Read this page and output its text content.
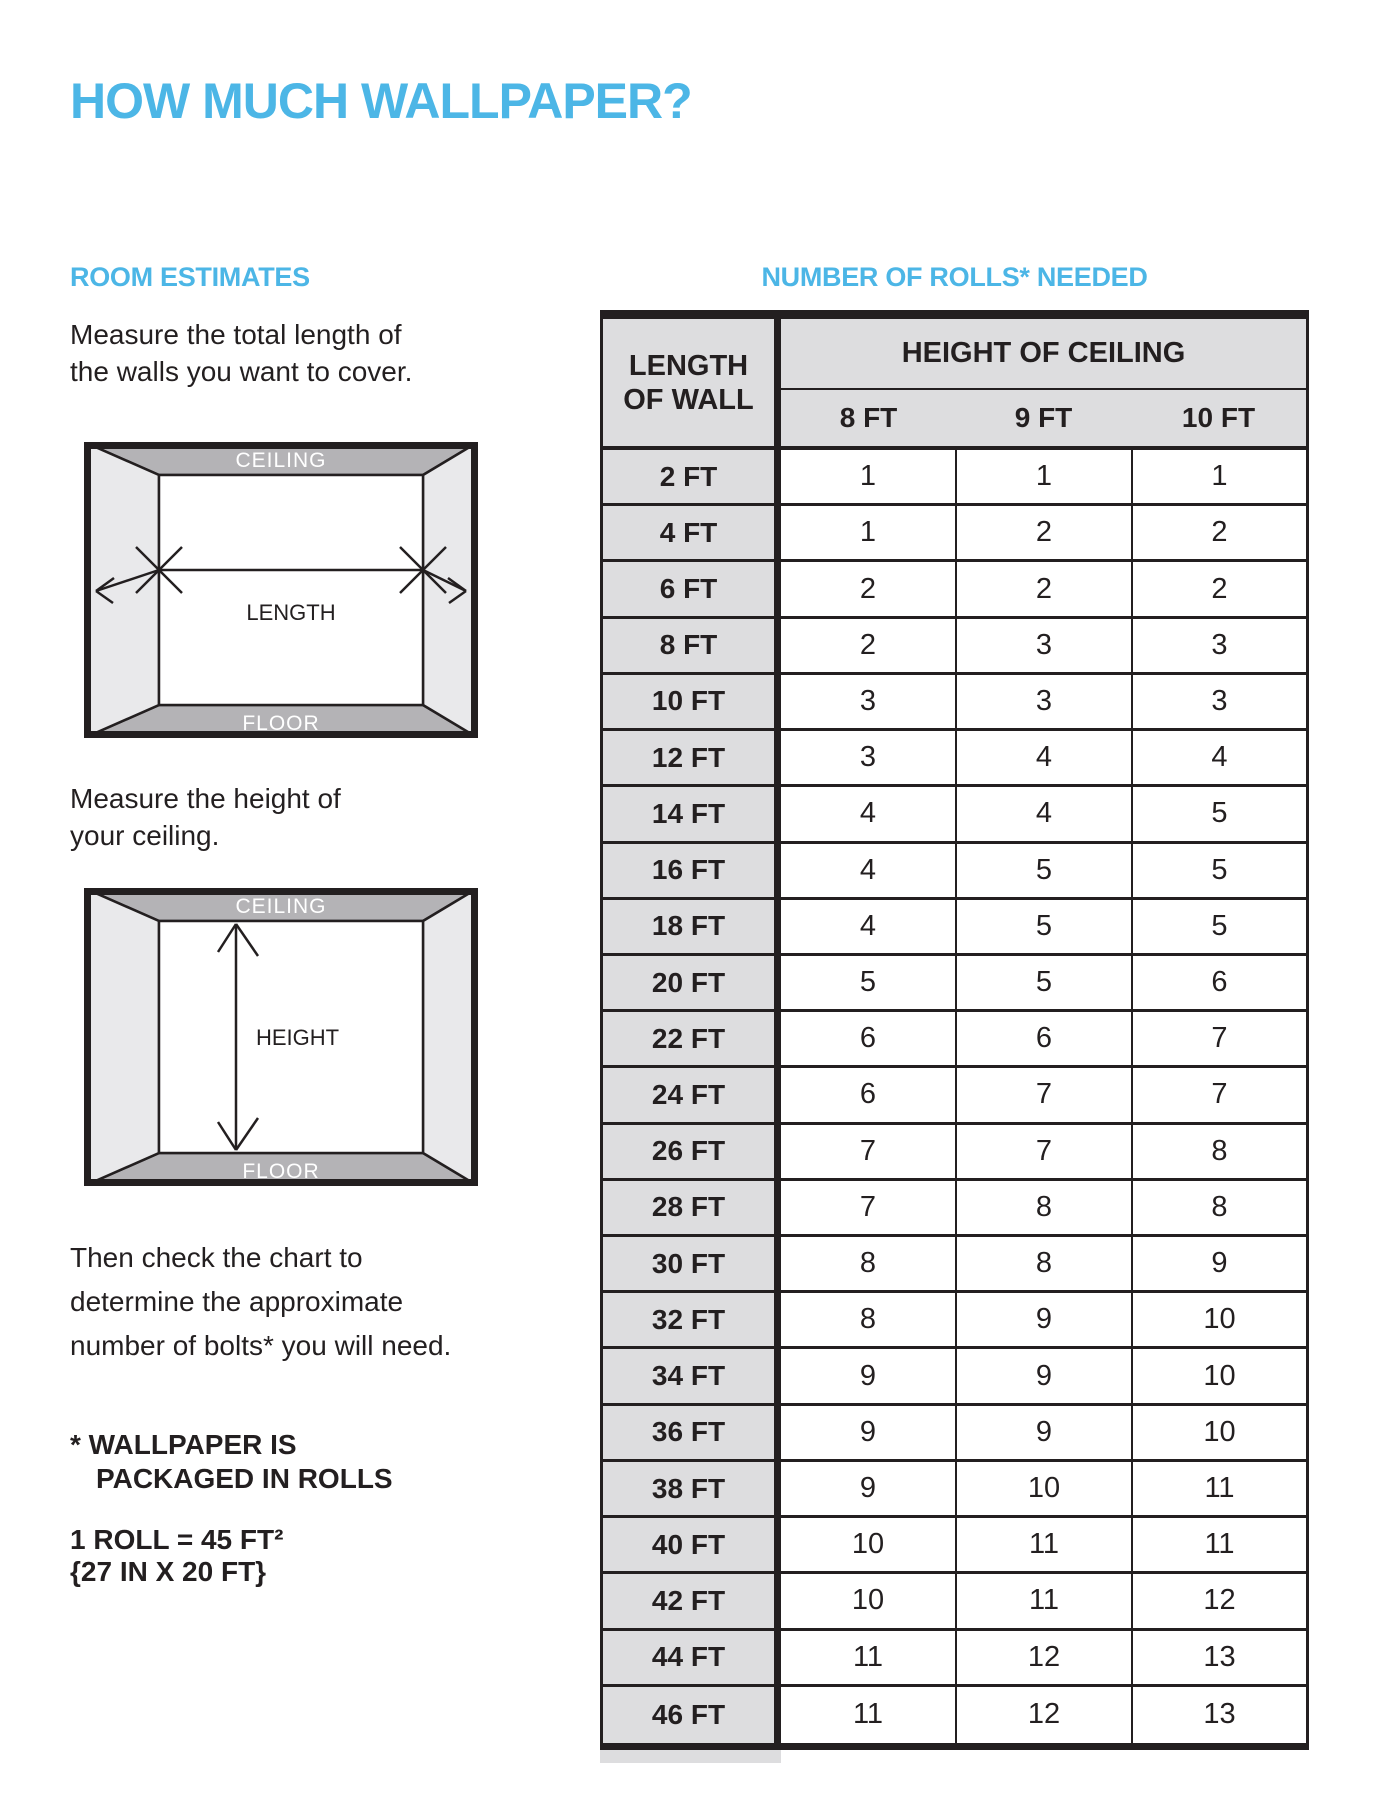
HOW MUCH WALLPAPER?
ROOM ESTIMATES	NUMBER OF ROLLS* NEEDED
Measure the total length of
the walls you want to cover.
CEILING
FLOOR
LENGTH
Measure the height of
your ceiling.
CEILING
FLOOR
HEIGHT
Then check the chart to
determine the approximate
number of bolts* you will need.
* WALLPAPER IS
PACKAGED IN ROLLS
1 ROLL = 45 FT²
{27 IN X 20 FT}
LENGTH
OF WALL
HEIGHT OF CEILING
8 FT	9 FT	10 FT
2 FT	1	1	1
4 FT	1	2	2
6 FT	2	2	2
8 FT	2	3	3
10 FT	3	3	3
12 FT	3	4	4
14 FT	4	4	5
16 FT	4	5	5
18 FT	4	5	5
20 FT	5	5	6
22 FT	6	6	7
24 FT	6	7	7
26 FT	7	7	8
28 FT	7	8	8
30 FT	8	8	9
32 FT	8	9	10
34 FT	9	9	10
36 FT	9	9	10
38 FT	9	10	11
40 FT	10	11	11
42 FT	10	11	12
44 FT	11	12	13
46 FT	11	12	13
